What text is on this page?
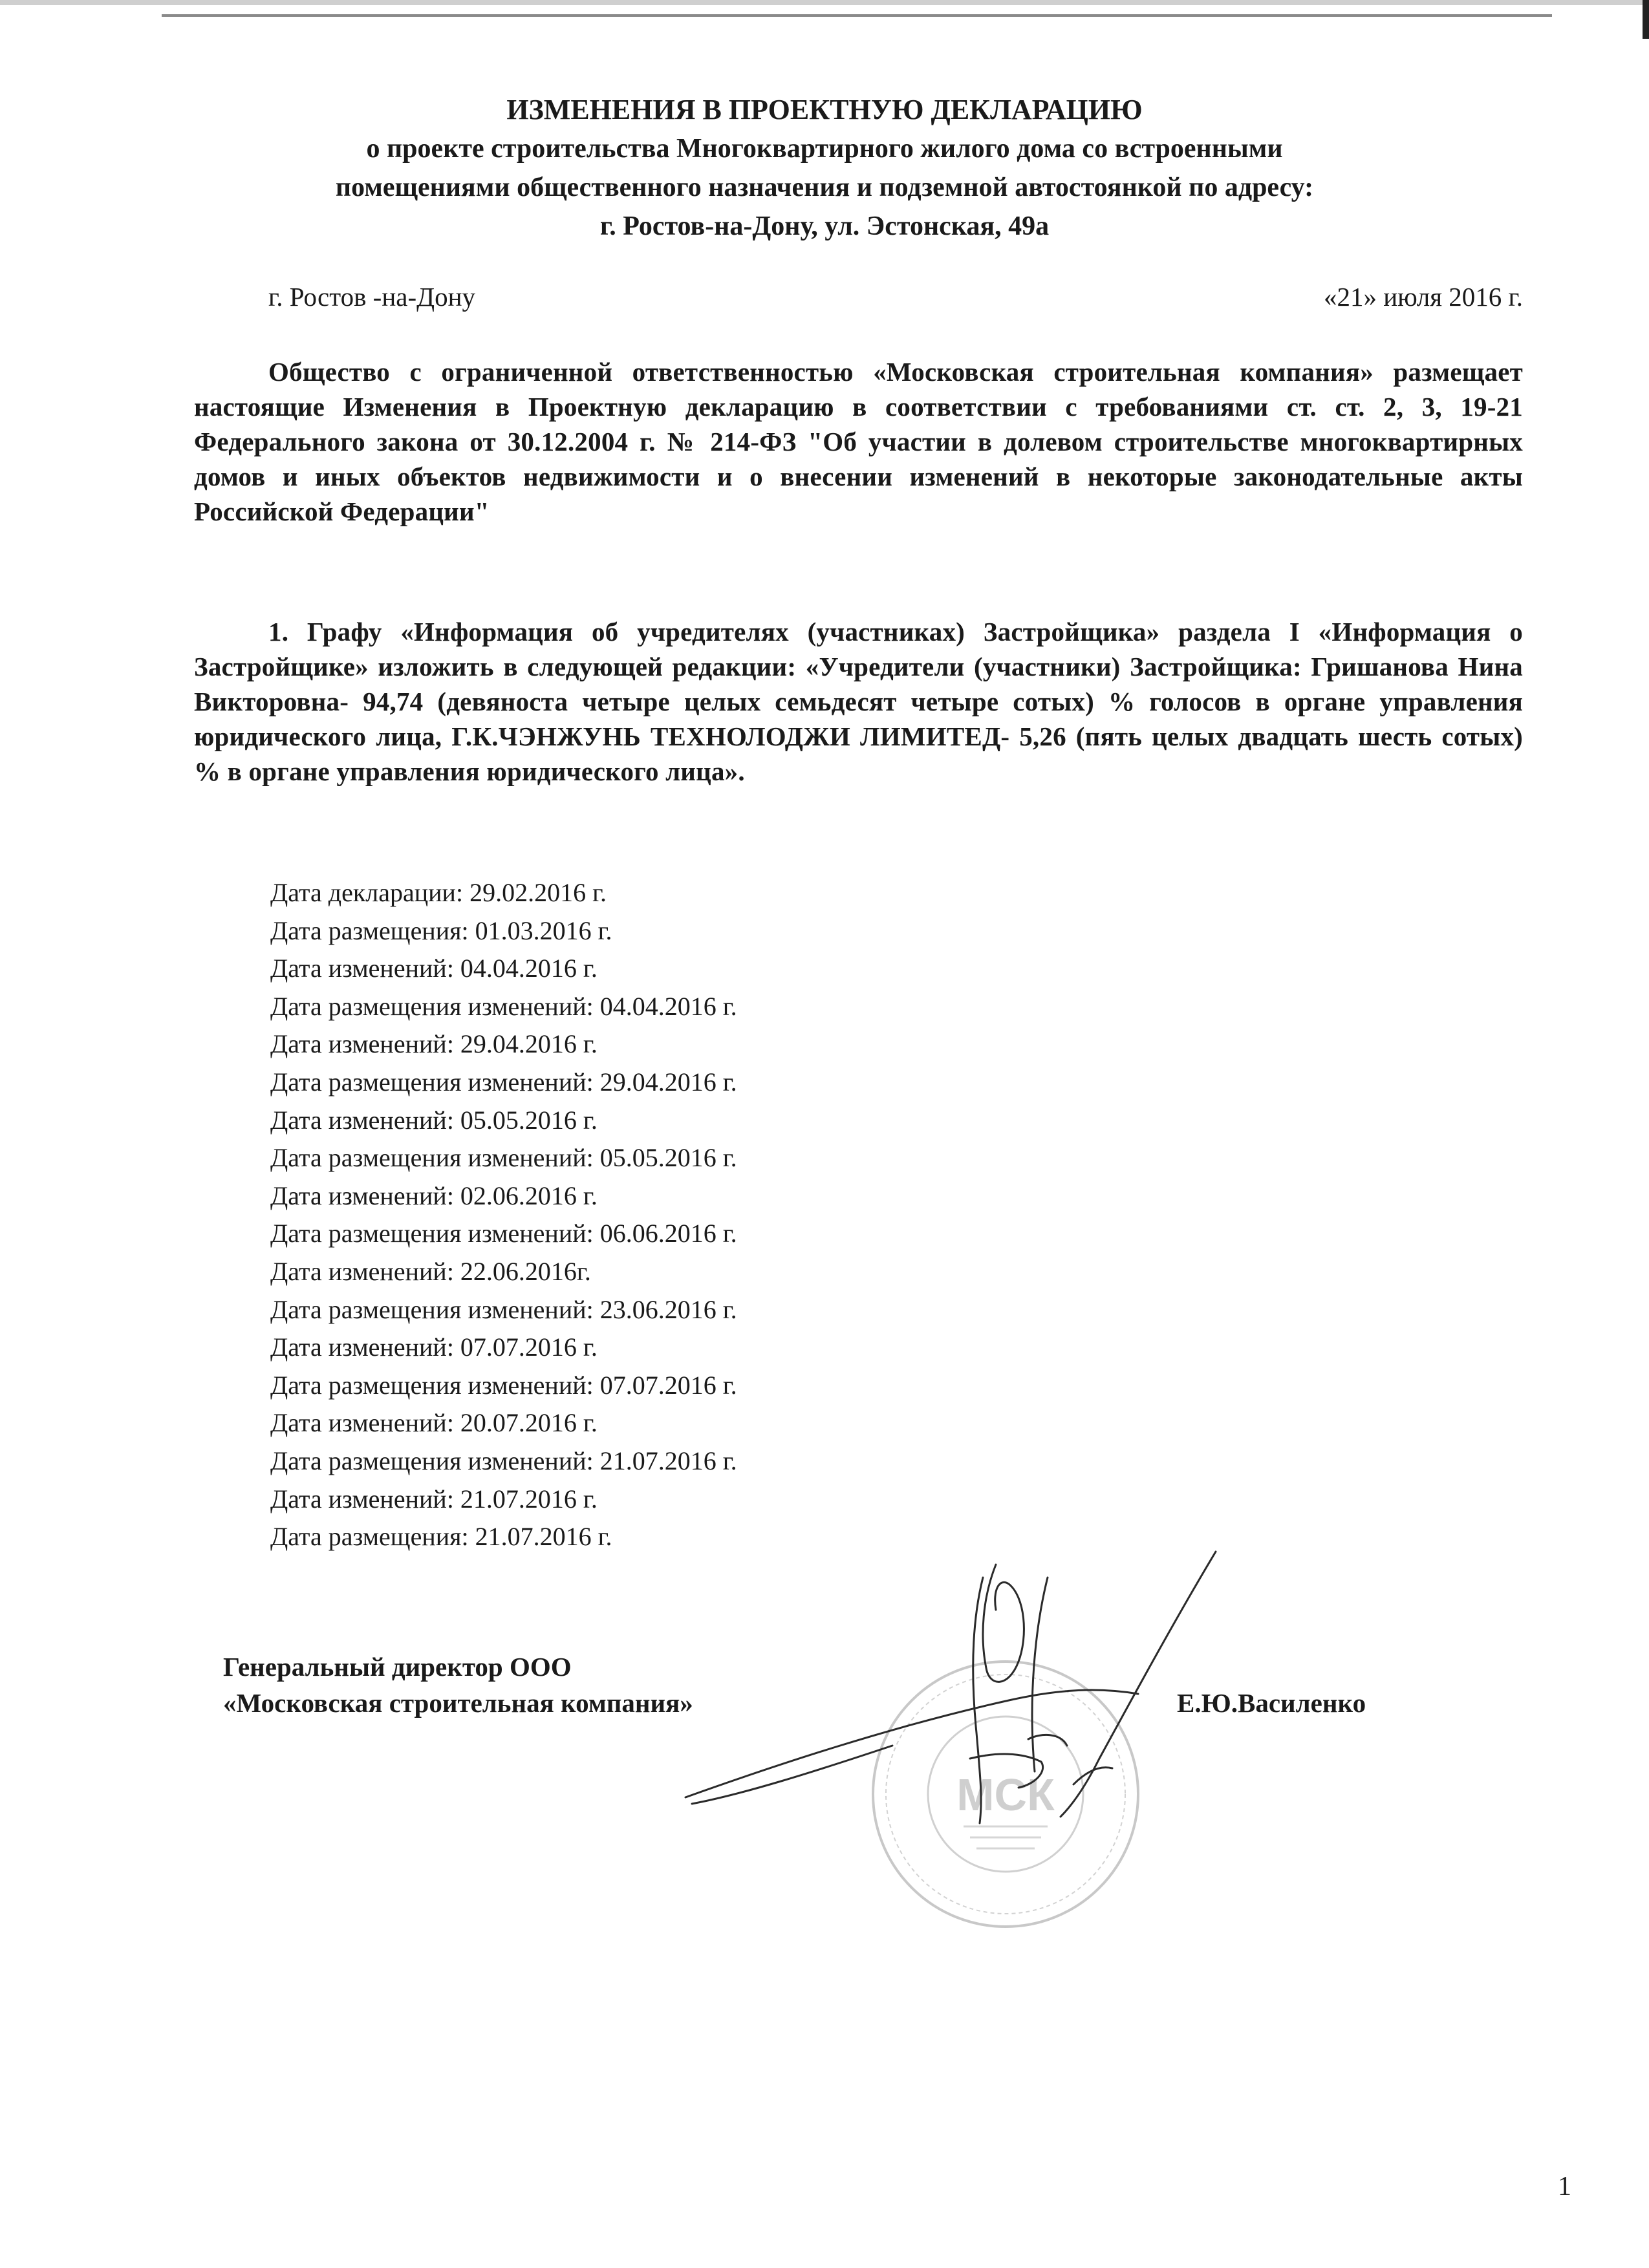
ИЗМЕНЕНИЯ В ПРОЕКТНУЮ ДЕКЛАРАЦИЮ
о проекте строительства Многоквартирного жилого дома со встроенными
помещениями общественного назначения и подземной автостоянкой по адресу:
г. Ростов-на-Дону, ул. Эстонская, 49а
г. Ростов -на-Дону	«21» июля 2016 г.
Общество с ограниченной ответственностью «Московская строительная компания» размещает настоящие Изменения в Проектную декларацию в соответствии с требованиями ст. ст. 2, 3, 19-21 Федерального закона от 30.12.2004 г. № 214-ФЗ "Об участии в долевом строительстве многоквартирных домов и иных объектов недвижимости и о внесении изменений в некоторые законодательные акты Российской Федерации"
1. Графу «Информация об учредителях (участниках) Застройщика» раздела I «Информация о Застройщике» изложить в следующей редакции: «Учредители (участники) Застройщика: Гришанова Нина Викторовна- 94,74 (девяноста четыре целых семьдесят четыре сотых) % голосов в органе управления юридического лица, Г.К.ЧЭНЖУНЬ ТЕХНОЛОДЖИ ЛИМИТЕД- 5,26 (пять целых двадцать шесть сотых) % в органе управления юридического лица».
Дата декларации: 29.02.2016 г.
Дата размещения: 01.03.2016 г.
Дата изменений: 04.04.2016 г.
Дата размещения изменений: 04.04.2016 г.
Дата изменений: 29.04.2016 г.
Дата размещения изменений: 29.04.2016 г.
Дата изменений: 05.05.2016 г.
Дата размещения изменений: 05.05.2016 г.
Дата изменений: 02.06.2016 г.
Дата размещения изменений: 06.06.2016 г.
Дата изменений: 22.06.2016г.
Дата размещения изменений: 23.06.2016 г.
Дата изменений: 07.07.2016 г.
Дата размещения изменений: 07.07.2016 г.
Дата изменений: 20.07.2016 г.
Дата размещения изменений: 21.07.2016 г.
Дата изменений: 21.07.2016 г.
Дата размещения: 21.07.2016 г.
МСК
Генеральный директор ООО
«Московская строительная компания»	Е.Ю.Василенко
1
